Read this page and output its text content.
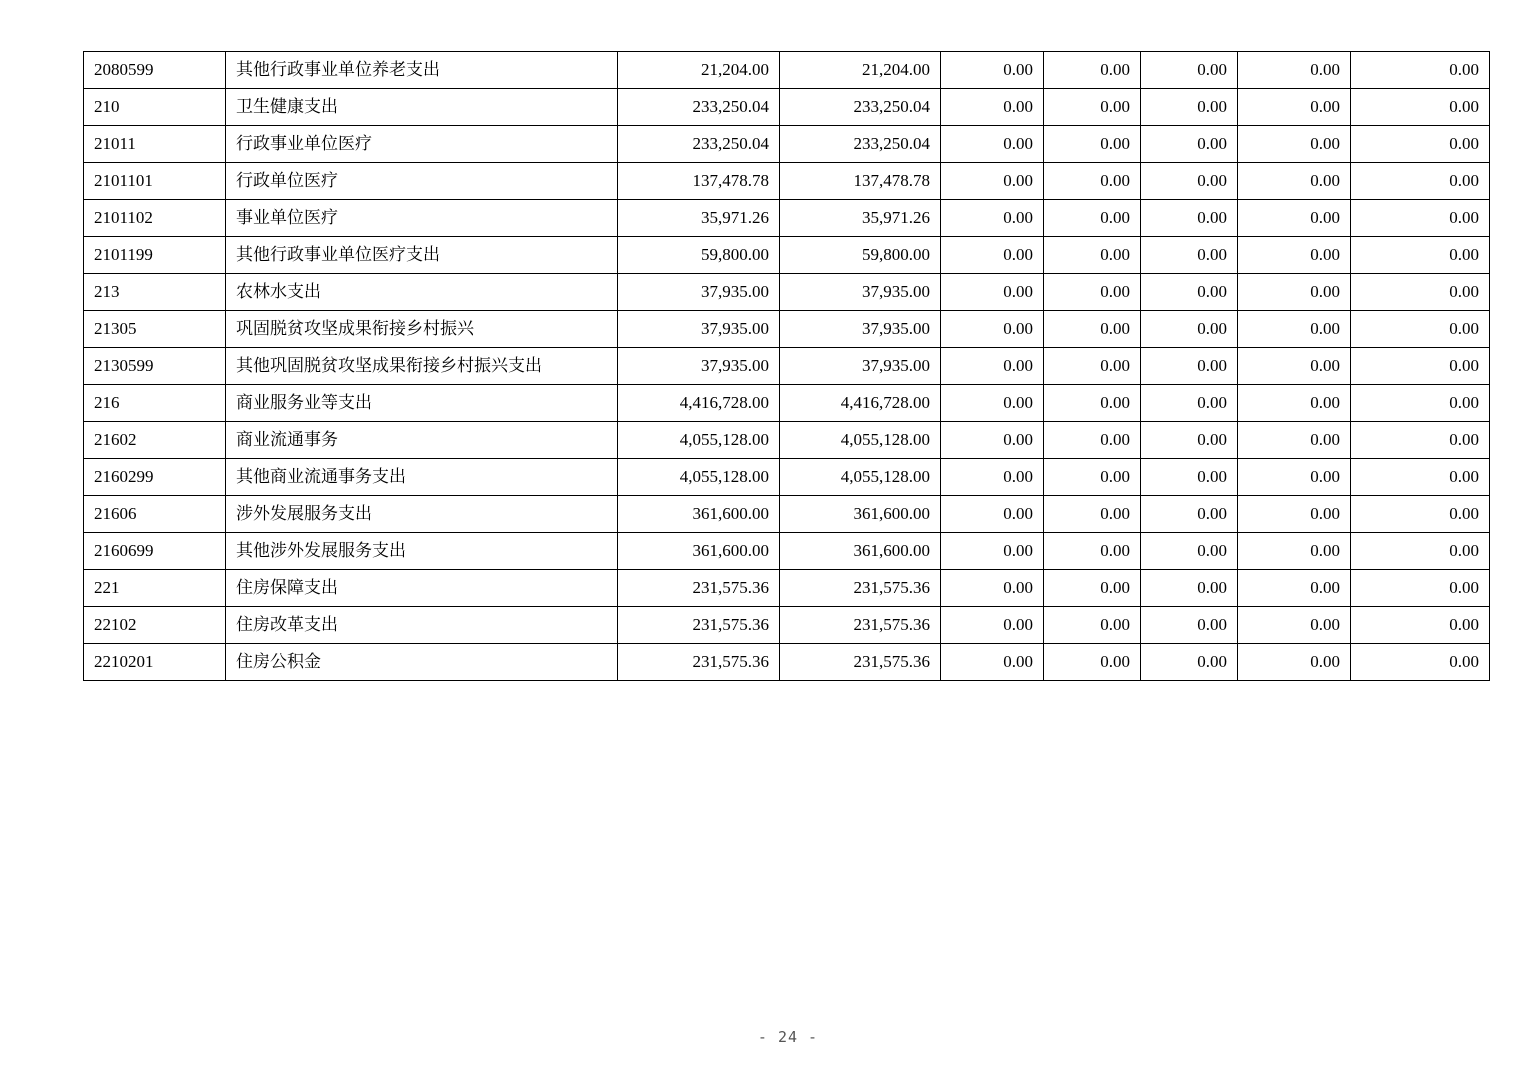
2080599	其他行政事业单位养老支出	21,204.00	21,204.00	0.00	0.00	0.00	0.00	0.00
210	卫生健康支出	233,250.04	233,250.04	0.00	0.00	0.00	0.00	0.00
21011	行政事业单位医疗	233,250.04	233,250.04	0.00	0.00	0.00	0.00	0.00
2101101	行政单位医疗	137,478.78	137,478.78	0.00	0.00	0.00	0.00	0.00
2101102	事业单位医疗	35,971.26	35,971.26	0.00	0.00	0.00	0.00	0.00
2101199	其他行政事业单位医疗支出	59,800.00	59,800.00	0.00	0.00	0.00	0.00	0.00
213	农林水支出	37,935.00	37,935.00	0.00	0.00	0.00	0.00	0.00
21305	巩固脱贫攻坚成果衔接乡村振兴	37,935.00	37,935.00	0.00	0.00	0.00	0.00	0.00
2130599	其他巩固脱贫攻坚成果衔接乡村振兴支出	37,935.00	37,935.00	0.00	0.00	0.00	0.00	0.00
216	商业服务业等支出	4,416,728.00	4,416,728.00	0.00	0.00	0.00	0.00	0.00
21602	商业流通事务	4,055,128.00	4,055,128.00	0.00	0.00	0.00	0.00	0.00
2160299	其他商业流通事务支出	4,055,128.00	4,055,128.00	0.00	0.00	0.00	0.00	0.00
21606	涉外发展服务支出	361,600.00	361,600.00	0.00	0.00	0.00	0.00	0.00
2160699	其他涉外发展服务支出	361,600.00	361,600.00	0.00	0.00	0.00	0.00	0.00
221	住房保障支出	231,575.36	231,575.36	0.00	0.00	0.00	0.00	0.00
22102	住房改革支出	231,575.36	231,575.36	0.00	0.00	0.00	0.00	0.00
2210201	住房公积金	231,575.36	231,575.36	0.00	0.00	0.00	0.00	0.00
- 24 -
